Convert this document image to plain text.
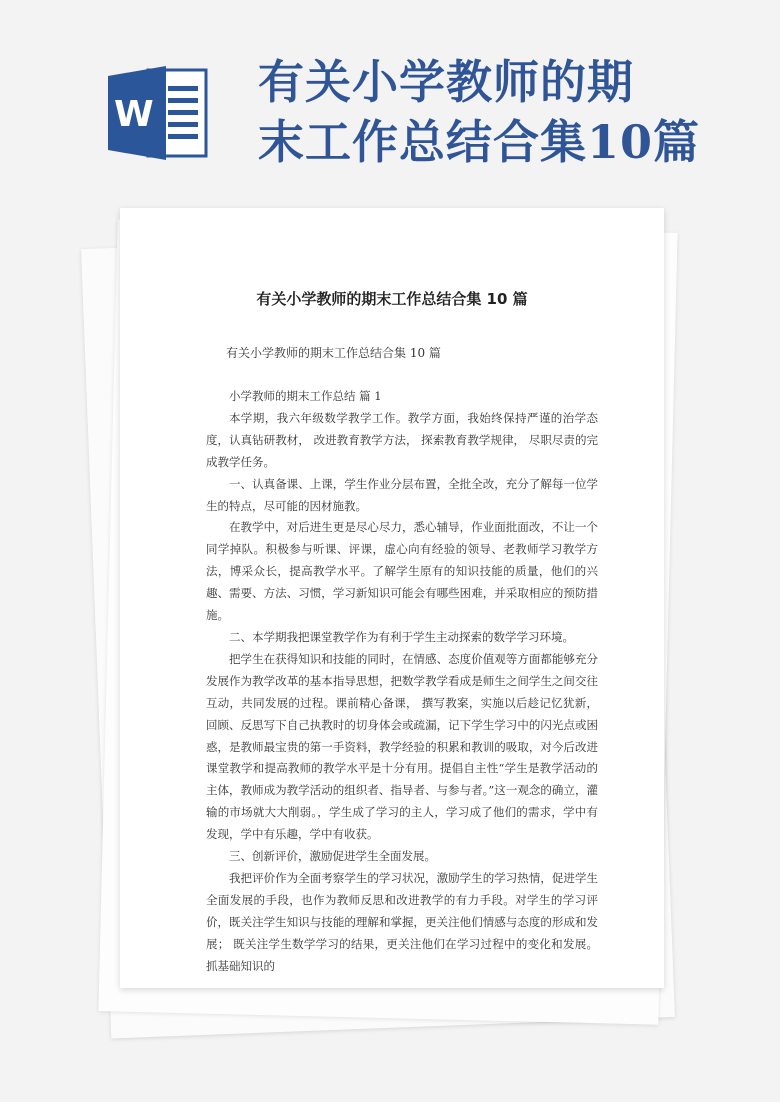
W
有关小学教师的期
末工作总结合集10篇
有关小学教师的期末工作总结合集 10 篇
有关小学教师的期末工作总结合集 10 篇

小学教师的期末工作总结 篇 1

本学期，我六年级数学教学工作。教学方面，我始终保持严谨的治学态度，认真钻研教材， 改进教育教学方法， 探索教育教学规律， 尽职尽责的完成教学任务。

一、认真备课、上课，学生作业分层布置，全批全改，充分了解每一位学生的特点，尽可能的因材施教。

在教学中，对后进生更是尽心尽力，悉心辅导，作业面批面改，不让一个同学掉队。积极参与听课、评课，虚心向有经验的领导、老教师学习教学方法，博采众长，提高教学水平。了解学生原有的知识技能的质量，他们的兴趣、需要、方法、习惯，学习新知识可能会有哪些困难，并采取相应的预防措施。

二、本学期我把课堂教学作为有利于学生主动探索的数学学习环境。

把学生在获得知识和技能的同时，在情感、态度价值观等方面都能够充分发展作为教学改革的基本指导思想，把数学教学看成是师生之间学生之间交往互动，共同发展的过程。课前精心备课， 撰写教案，实施以后趁记忆犹新，回顾、反思写下自己执教时的切身体会或疏漏，记下学生学习中的闪光点或困惑，是教师最宝贵的第一手资料，教学经验的积累和教训的吸取，对今后改进课堂教学和提高教师的教学水平是十分有用。提倡自主性“学生是教学活动的主体，教师成为教学活动的组织者、指导者、与参与者。”这一观念的确立，灌输的市场就大大削弱。，学生成了学习的主人，学习成了他们的需求，学中有发现，学中有乐趣，学中有收获。

三、创新评价，激励促进学生全面发展。

我把评价作为全面考察学生的学习状况，激励学生的学习热情，促进学生全面发展的手段，也作为教师反思和改进教学的有力手段。对学生的学习评价，既关注学生知识与技能的理解和掌握，更关注他们情感与态度的形成和发展； 既关注学生数学学习的结果，更关注他们在学习过程中的变化和发展。抓基础知识的
